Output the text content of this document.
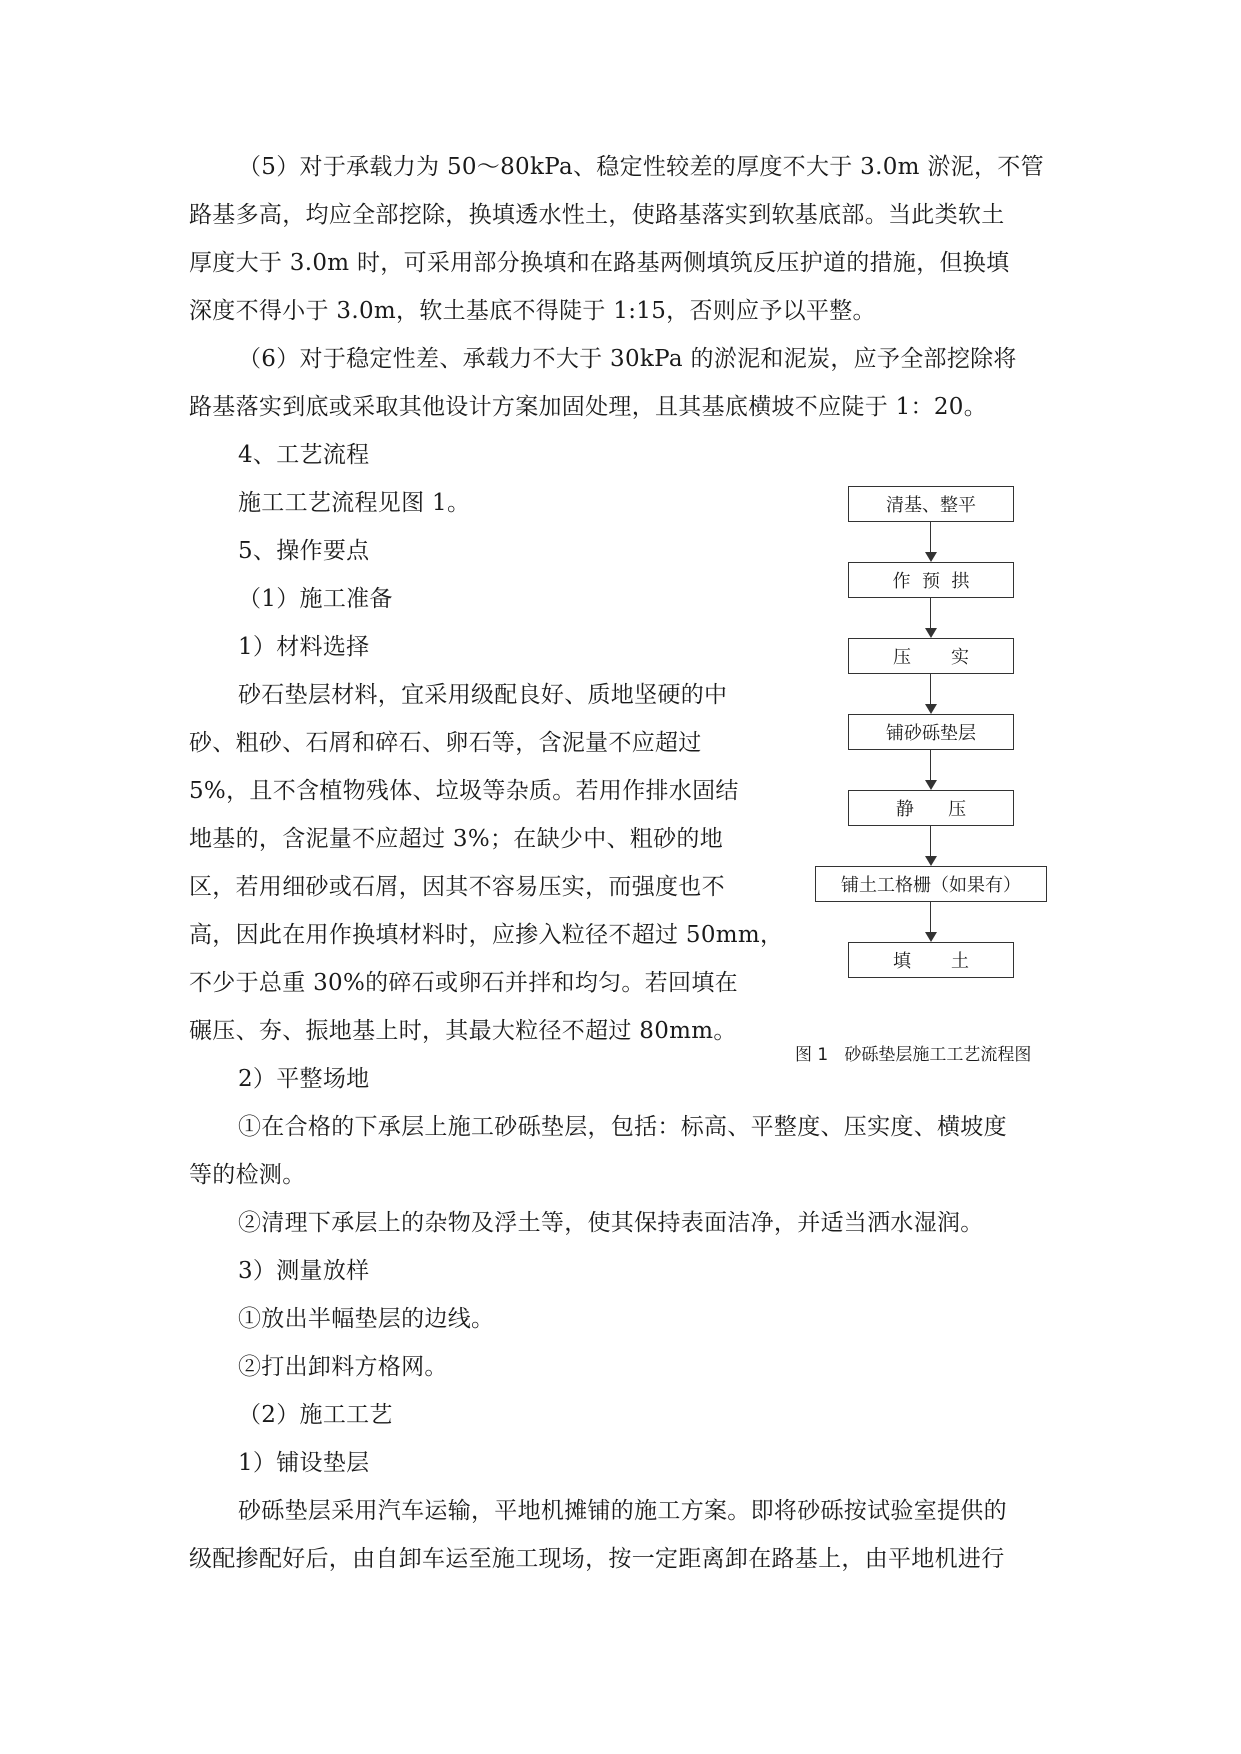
（5）对于承载力为 50～80kPa、稳定性较差的厚度不大于 3.0m 淤泥，不管
路基多高，均应全部挖除，换填透水性土，使路基落实到软基底部。当此类软土
厚度大于 3.0m 时，可采用部分换填和在路基两侧填筑反压护道的措施，但换填
深度不得小于 3.0m，软土基底不得陡于 1:15，否则应予以平整。
（6）对于稳定性差、承载力不大于 30kPa 的淤泥和泥炭，应予全部挖除将
路基落实到底或采取其他设计方案加固处理，且其基底横坡不应陡于 1：20。
4、工艺流程
施工工艺流程见图 1。
5、操作要点
（1）施工准备
1）材料选择
砂石垫层材料，宜采用级配良好、质地坚硬的中
砂、粗砂、石屑和碎石、卵石等，含泥量不应超过
5%，且不含植物残体、垃圾等杂质。若用作排水固结
地基的，含泥量不应超过 3%；在缺少中、粗砂的地
区，若用细砂或石屑，因其不容易压实，而强度也不
高，因此在用作换填材料时，应掺入粒径不超过 50mm，
不少于总重 30%的碎石或卵石并拌和均匀。若回填在
碾压、夯、振地基上时，其最大粒径不超过 80mm。
2）平整场地
①在合格的下承层上施工砂砾垫层，包括：标高、平整度、压实度、横坡度
等的检测。
②清理下承层上的杂物及浮土等，使其保持表面洁净，并适当洒水湿润。
3）测量放样
①放出半幅垫层的边线。
②打出卸料方格网。
（2）施工工艺
1）铺设垫层
砂砾垫层采用汽车运输，平地机摊铺的施工方案。即将砂砾按试验室提供的
级配掺配好后，由自卸车运至施工现场，按一定距离卸在路基上，由平地机进行
清基、整平
作  预  拱
压       实
铺砂砾垫层
静      压
铺土工格栅（如果有）
填       土
图 1   砂砾垫层施工工艺流程图
